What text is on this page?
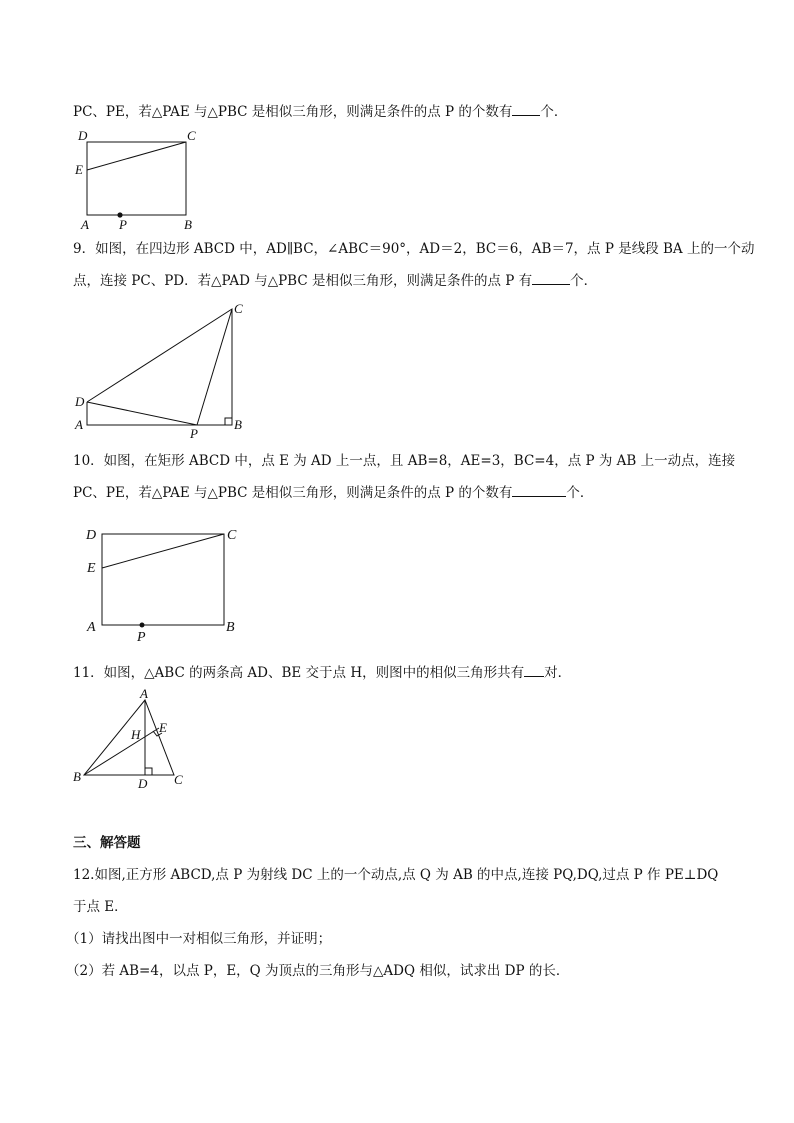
PC、PE，若△PAE 与△PBC 是相似三角形，则满足条件的点 P 的个数有 个．
D	C
E
A P	B
9．如图，在四边形 ABCD 中，AD∥BC，∠ABC＝90°，AD＝2，BC＝6，AB＝7，点 P 是线段 BA 上的一个动
点，连接 PC、PD．若△PAD 与△PBC 是相似三角形，则满足条件的点 P 有	个．
C
D
A
P
B
10．如图，在矩形 ABCD 中，点 E 为 AD 上一点，且 AB=8，AE=3，BC=4，点 P 为 AB 上一动点，连接
PC、PE，若△PAE 与△PBC 是相似三角形，则满足条件的点 P 的个数有	个．
D	C
E
A
P
B
11．如图，△ABC 的两条高 AD、BE 交于点 H，则图中的相似三角形共有 对．
A
E
H
B	D C
三、解答题
12.如图,正方形 ABCD,点 P 为射线 DC 上的一个动点,点 Q 为 AB 的中点,连接 PQ,DQ,过点 P 作 PE⊥DQ
于点 E．
（1）请找出图中一对相似三角形，并证明；
（2）若 AB=4，以点 P，E，Q 为顶点的三角形与△ADQ 相似，试求出 DP 的长．
